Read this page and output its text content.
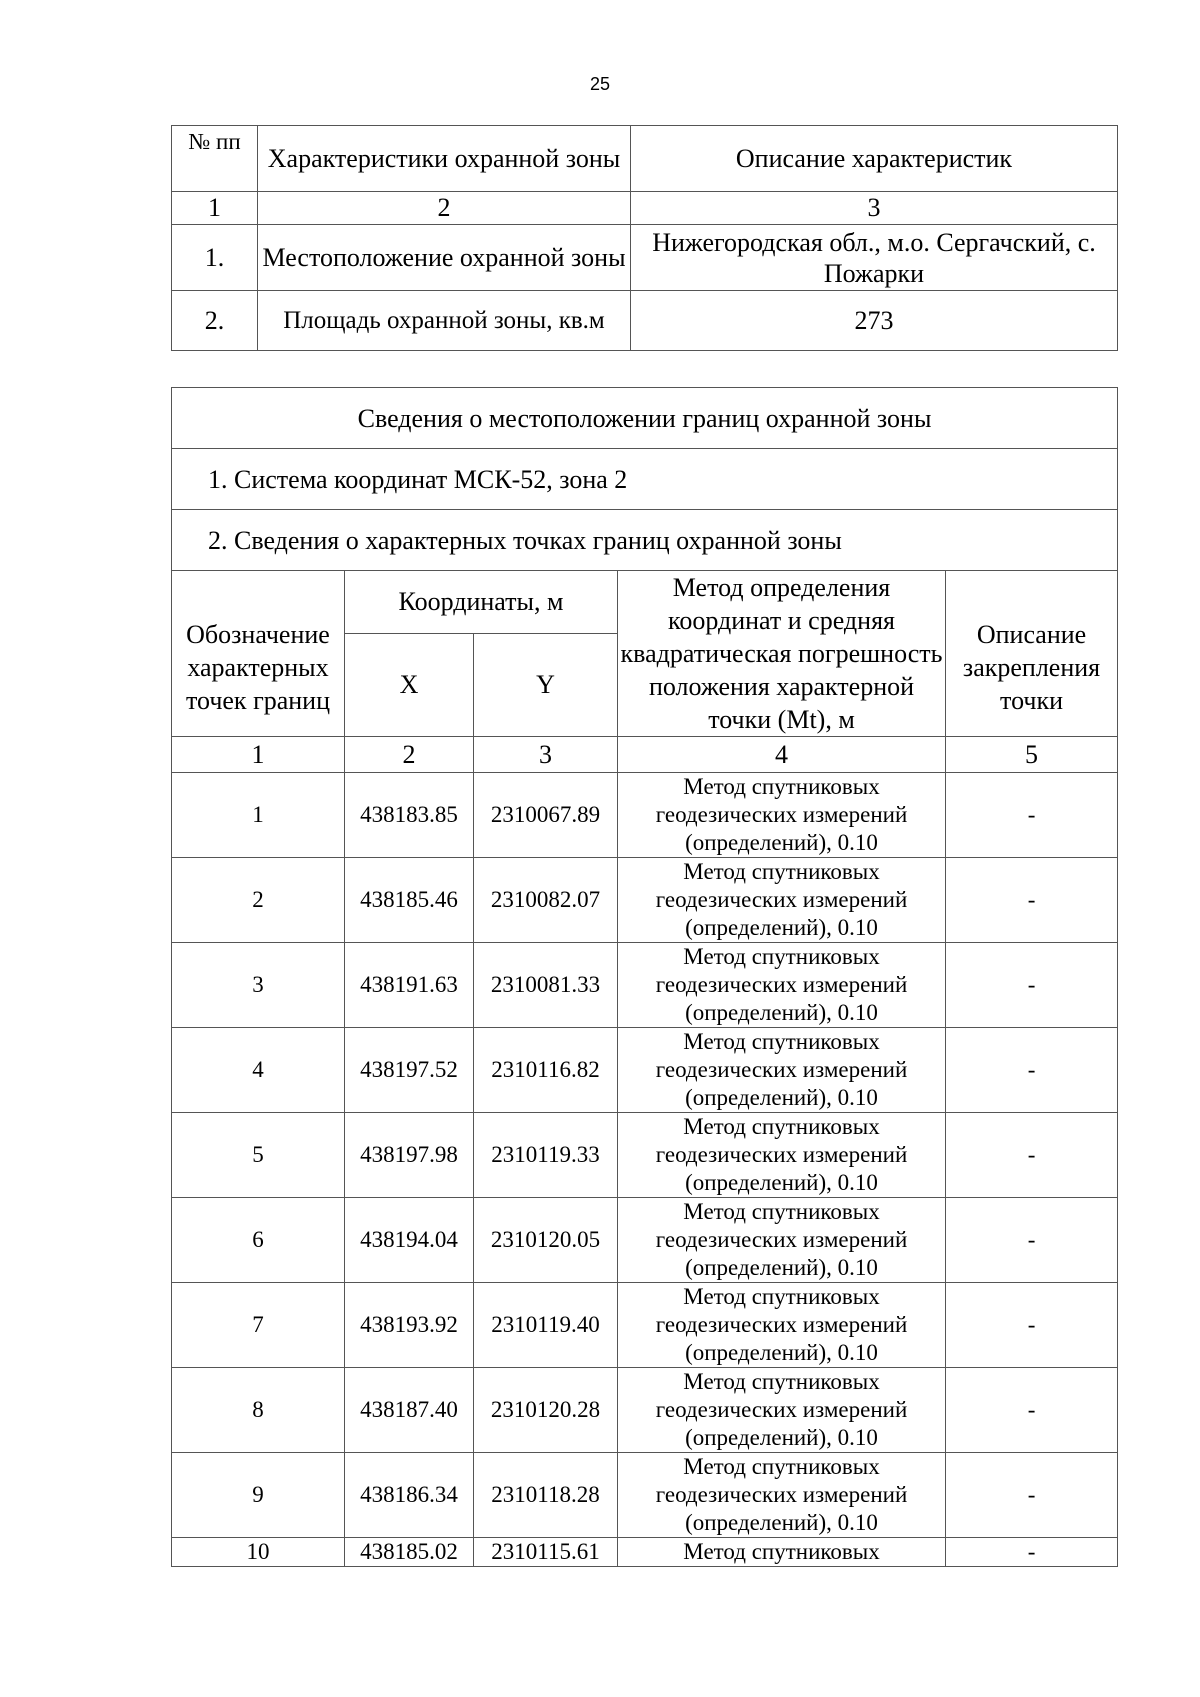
25
№ пп	Характеристики охранной зоны	Описание характеристик
1	2	3
1.	Местоположение охранной зоны	Нижегородская обл., м.о. Сергачский, с. Пожарки
2.	Площадь охранной зоны, кв.м	273
Сведения о местоположении границ охранной зоны				
1. Система координат МСК-52, зона 2				
2. Сведения о характерных точках границ охранной зоны				
Обозначение характерных точек границ	Координаты, м		Метод определения координат и средняя квадратическая погрешность положения характерной точки (Mt), м	Описание закрепления точки
	X	Y		
1	2	3	4	5
1	438183.85	2310067.89	Метод спутниковых геодезических измерений (определений), 0.10	-
2	438185.46	2310082.07	Метод спутниковых геодезических измерений (определений), 0.10	-
3	438191.63	2310081.33	Метод спутниковых геодезических измерений (определений), 0.10	-
4	438197.52	2310116.82	Метод спутниковых геодезических измерений (определений), 0.10	-
5	438197.98	2310119.33	Метод спутниковых геодезических измерений (определений), 0.10	-
6	438194.04	2310120.05	Метод спутниковых геодезических измерений (определений), 0.10	-
7	438193.92	2310119.40	Метод спутниковых геодезических измерений (определений), 0.10	-
8	438187.40	2310120.28	Метод спутниковых геодезических измерений (определений), 0.10	-
9	438186.34	2310118.28	Метод спутниковых геодезических измерений (определений), 0.10	-
10	438185.02	2310115.61	Метод спутниковых	-
